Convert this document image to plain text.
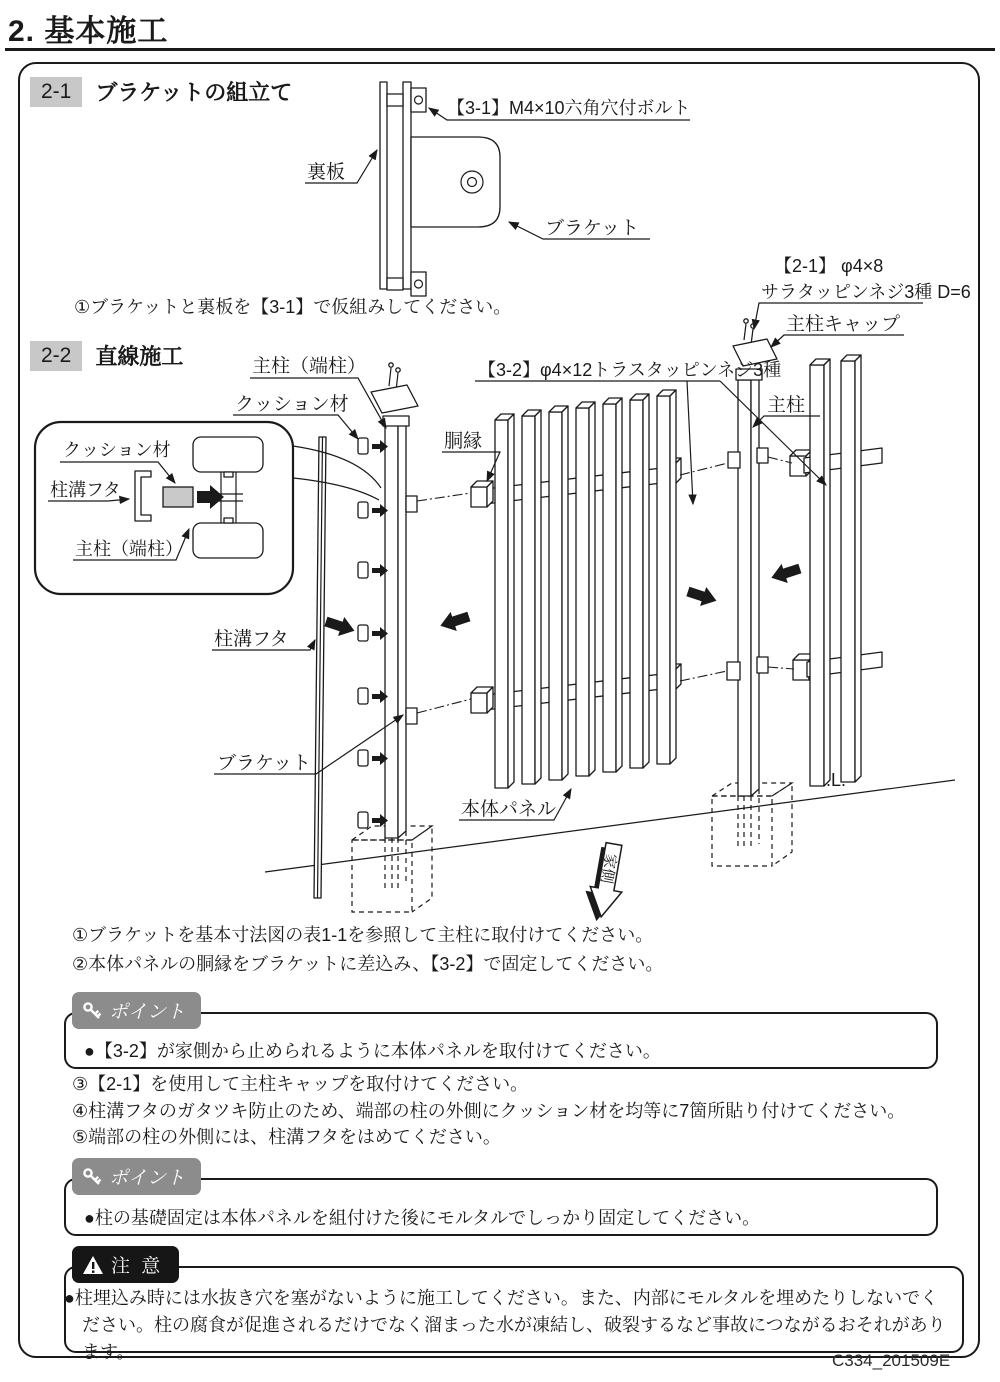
【3-1】M4×10六角穴付ボルト
裏板
ブラケット
家側
クッション材
柱溝フタ
主柱（端柱）
主柱（端柱）
クッション材
【3-2】φ4×12トラスタッピンネジ3種
胴縁
【2-1】 φ4×8
サラタッピンネジ3種 D=6
主柱キャップ
主柱
柱溝フタ
ブラケット
本体パネル
2. 基本施工
2-1	ブラケットの組立て
①ブラケットと裏板を【3-1】で仮組みしてください。
2-2	直線施工
①ブラケットを基本寸法図の表1-1を参照して主柱に取付けてください。
②本体パネルの胴縁をブラケットに差込み、【3-2】で固定してください。
●【3-2】が家側から止められるように本体パネルを取付けてください。
ポイント
③【2-1】を使用して主柱キャップを取付けてください。
④柱溝フタのガタツキ防止のため、端部の柱の外側にクッション材を均等に7箇所貼り付けてください。
⑤端部の柱の外側には、柱溝フタをはめてください。
●柱の基礎固定は本体パネルを組付けた後にモルタルでしっかり固定してください。
ポイント
●柱埋込み時には水抜き穴を塞がないように施工してください。また、内部にモルタルを埋めたりしないでください。柱の腐食が促進されるだけでなく溜まった水が凍結し、破裂するなど事故につながるおそれがあります。
注 意
C334_201509E
